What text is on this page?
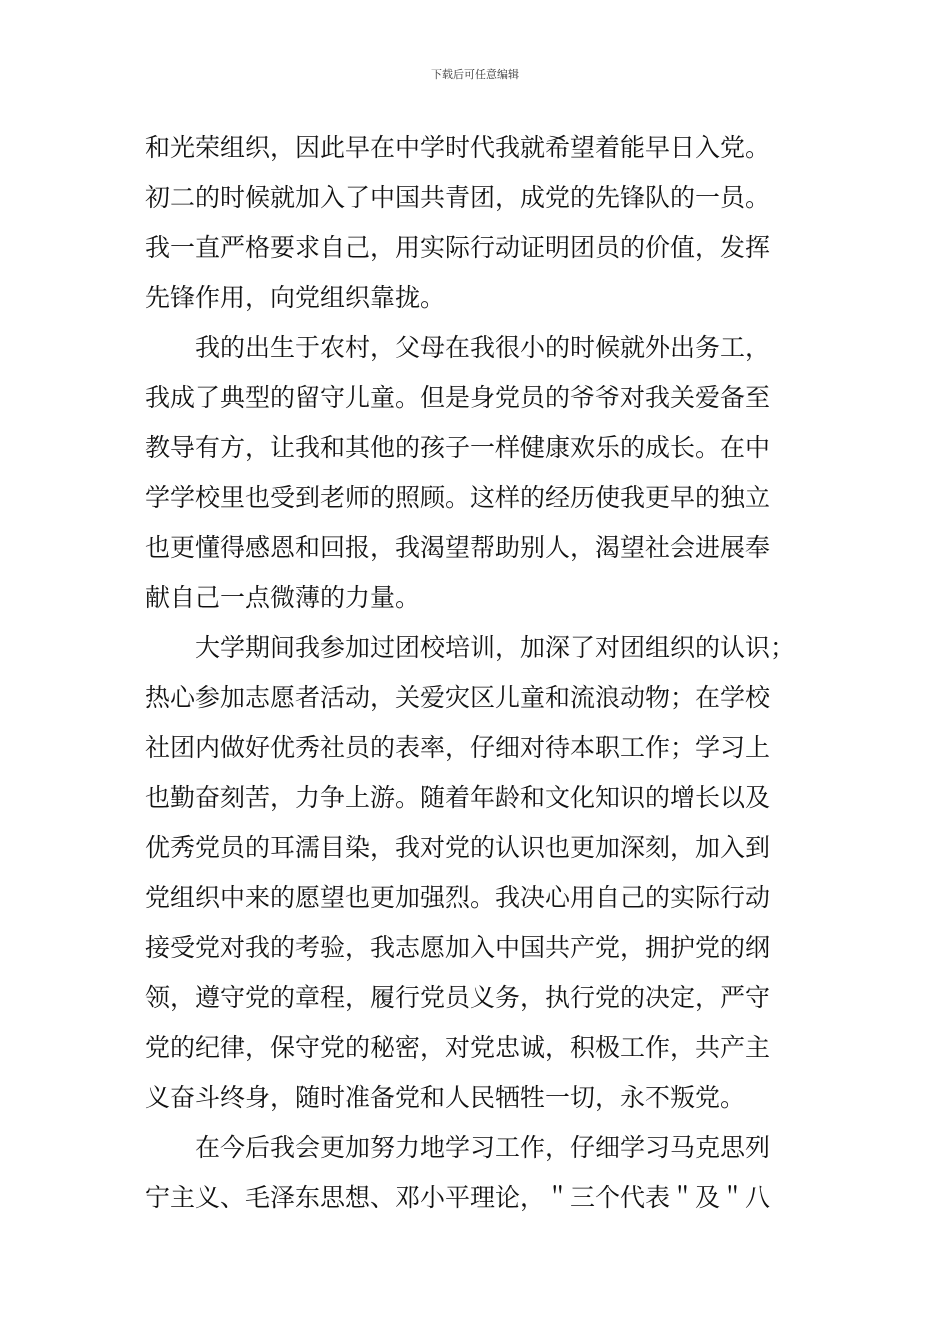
下载后可任意编辑
和光荣组织，因此早在中学时代我就希望着能早日入党。
初二的时候就加入了中国共青团，成党的先锋队的一员。
我一直严格要求自己，用实际行动证明团员的价值，发挥
先锋作用，向党组织靠拢。
　　我的出生于农村，父母在我很小的时候就外出务工，
我成了典型的留守儿童。但是身党员的爷爷对我关爱备至
教导有方，让我和其他的孩子一样健康欢乐的成长。在中
学学校里也受到老师的照顾。这样的经历使我更早的独立
也更懂得感恩和回报，我渴望帮助别人，渴望社会进展奉
献自己一点微薄的力量。
　　大学期间我参加过团校培训，加深了对团组织的认识；
热心参加志愿者活动，关爱灾区儿童和流浪动物；在学校
社团内做好优秀社员的表率，仔细对待本职工作；学习上
也勤奋刻苦，力争上游。随着年龄和文化知识的增长以及
优秀党员的耳濡目染，我对党的认识也更加深刻，加入到
党组织中来的愿望也更加强烈。我决心用自己的实际行动
接受党对我的考验，我志愿加入中国共产党，拥护党的纲
领，遵守党的章程，履行党员义务，执行党的决定，严守
党的纪律，保守党的秘密，对党忠诚，积极工作，共产主
义奋斗终身，随时准备党和人民牺牲一切，永不叛党。
　　在今后我会更加努力地学习工作，仔细学习马克思列
宁主义、毛泽东思想、邓小平理论，＂三个代表＂及＂八
